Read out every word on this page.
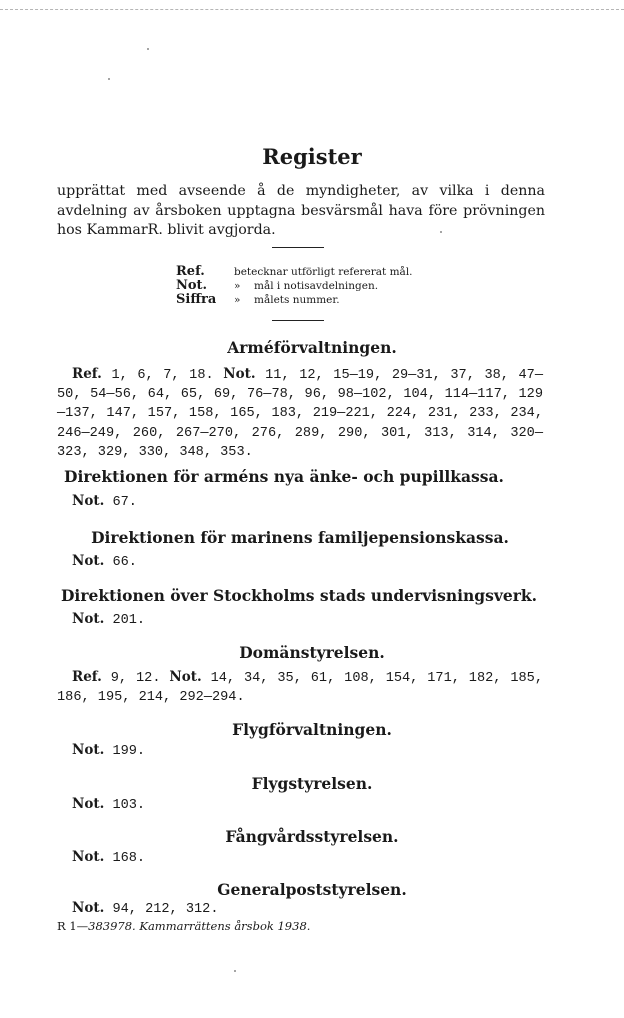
Register
upprättat med avseende å de myndigheter, av vilka i denna avdelning av årsboken upptagna besvärsmål hava före prövningen hos KammarR. blivit avgjorda.
Ref.	betecknar utförligt refererat mål.
Not.	» mål i notisavdelningen.
Siffra » målets nummer.
Arméförvaltningen.
Ref. 1, 6, 7, 18. Not. 11, 12, 15—19, 29—31, 37, 38, 47—50, 54—56, 64, 65, 69, 76—78, 96, 98—102, 104, 114—117, 129—137, 147, 157, 158, 165, 183, 219—221, 224, 231, 233, 234, 246—249, 260, 267—270, 276, 289, 290, 301, 313, 314, 320—323, 329, 330, 348, 353.
Direktionen för arméns nya änke- och pupillkassa.
Not. 67.
Direktionen för marinens familjepensionskassa.
Not. 66.
Direktionen över Stockholms stads undervisningsverk.
Not. 201.
Domänstyrelsen.
Ref. 9, 12. Not. 14, 34, 35, 61, 108, 154, 171, 182, 185, 186, 195, 214, 292—294.
Flygförvaltningen.
Not. 199.
Flygstyrelsen.
Not. 103.
Fångvårdsstyrelsen.
Not. 168.
Generalpoststyrelsen.
Not. 94, 212, 312.
R 1—383978. Kammarrättens årsbok 1938.
